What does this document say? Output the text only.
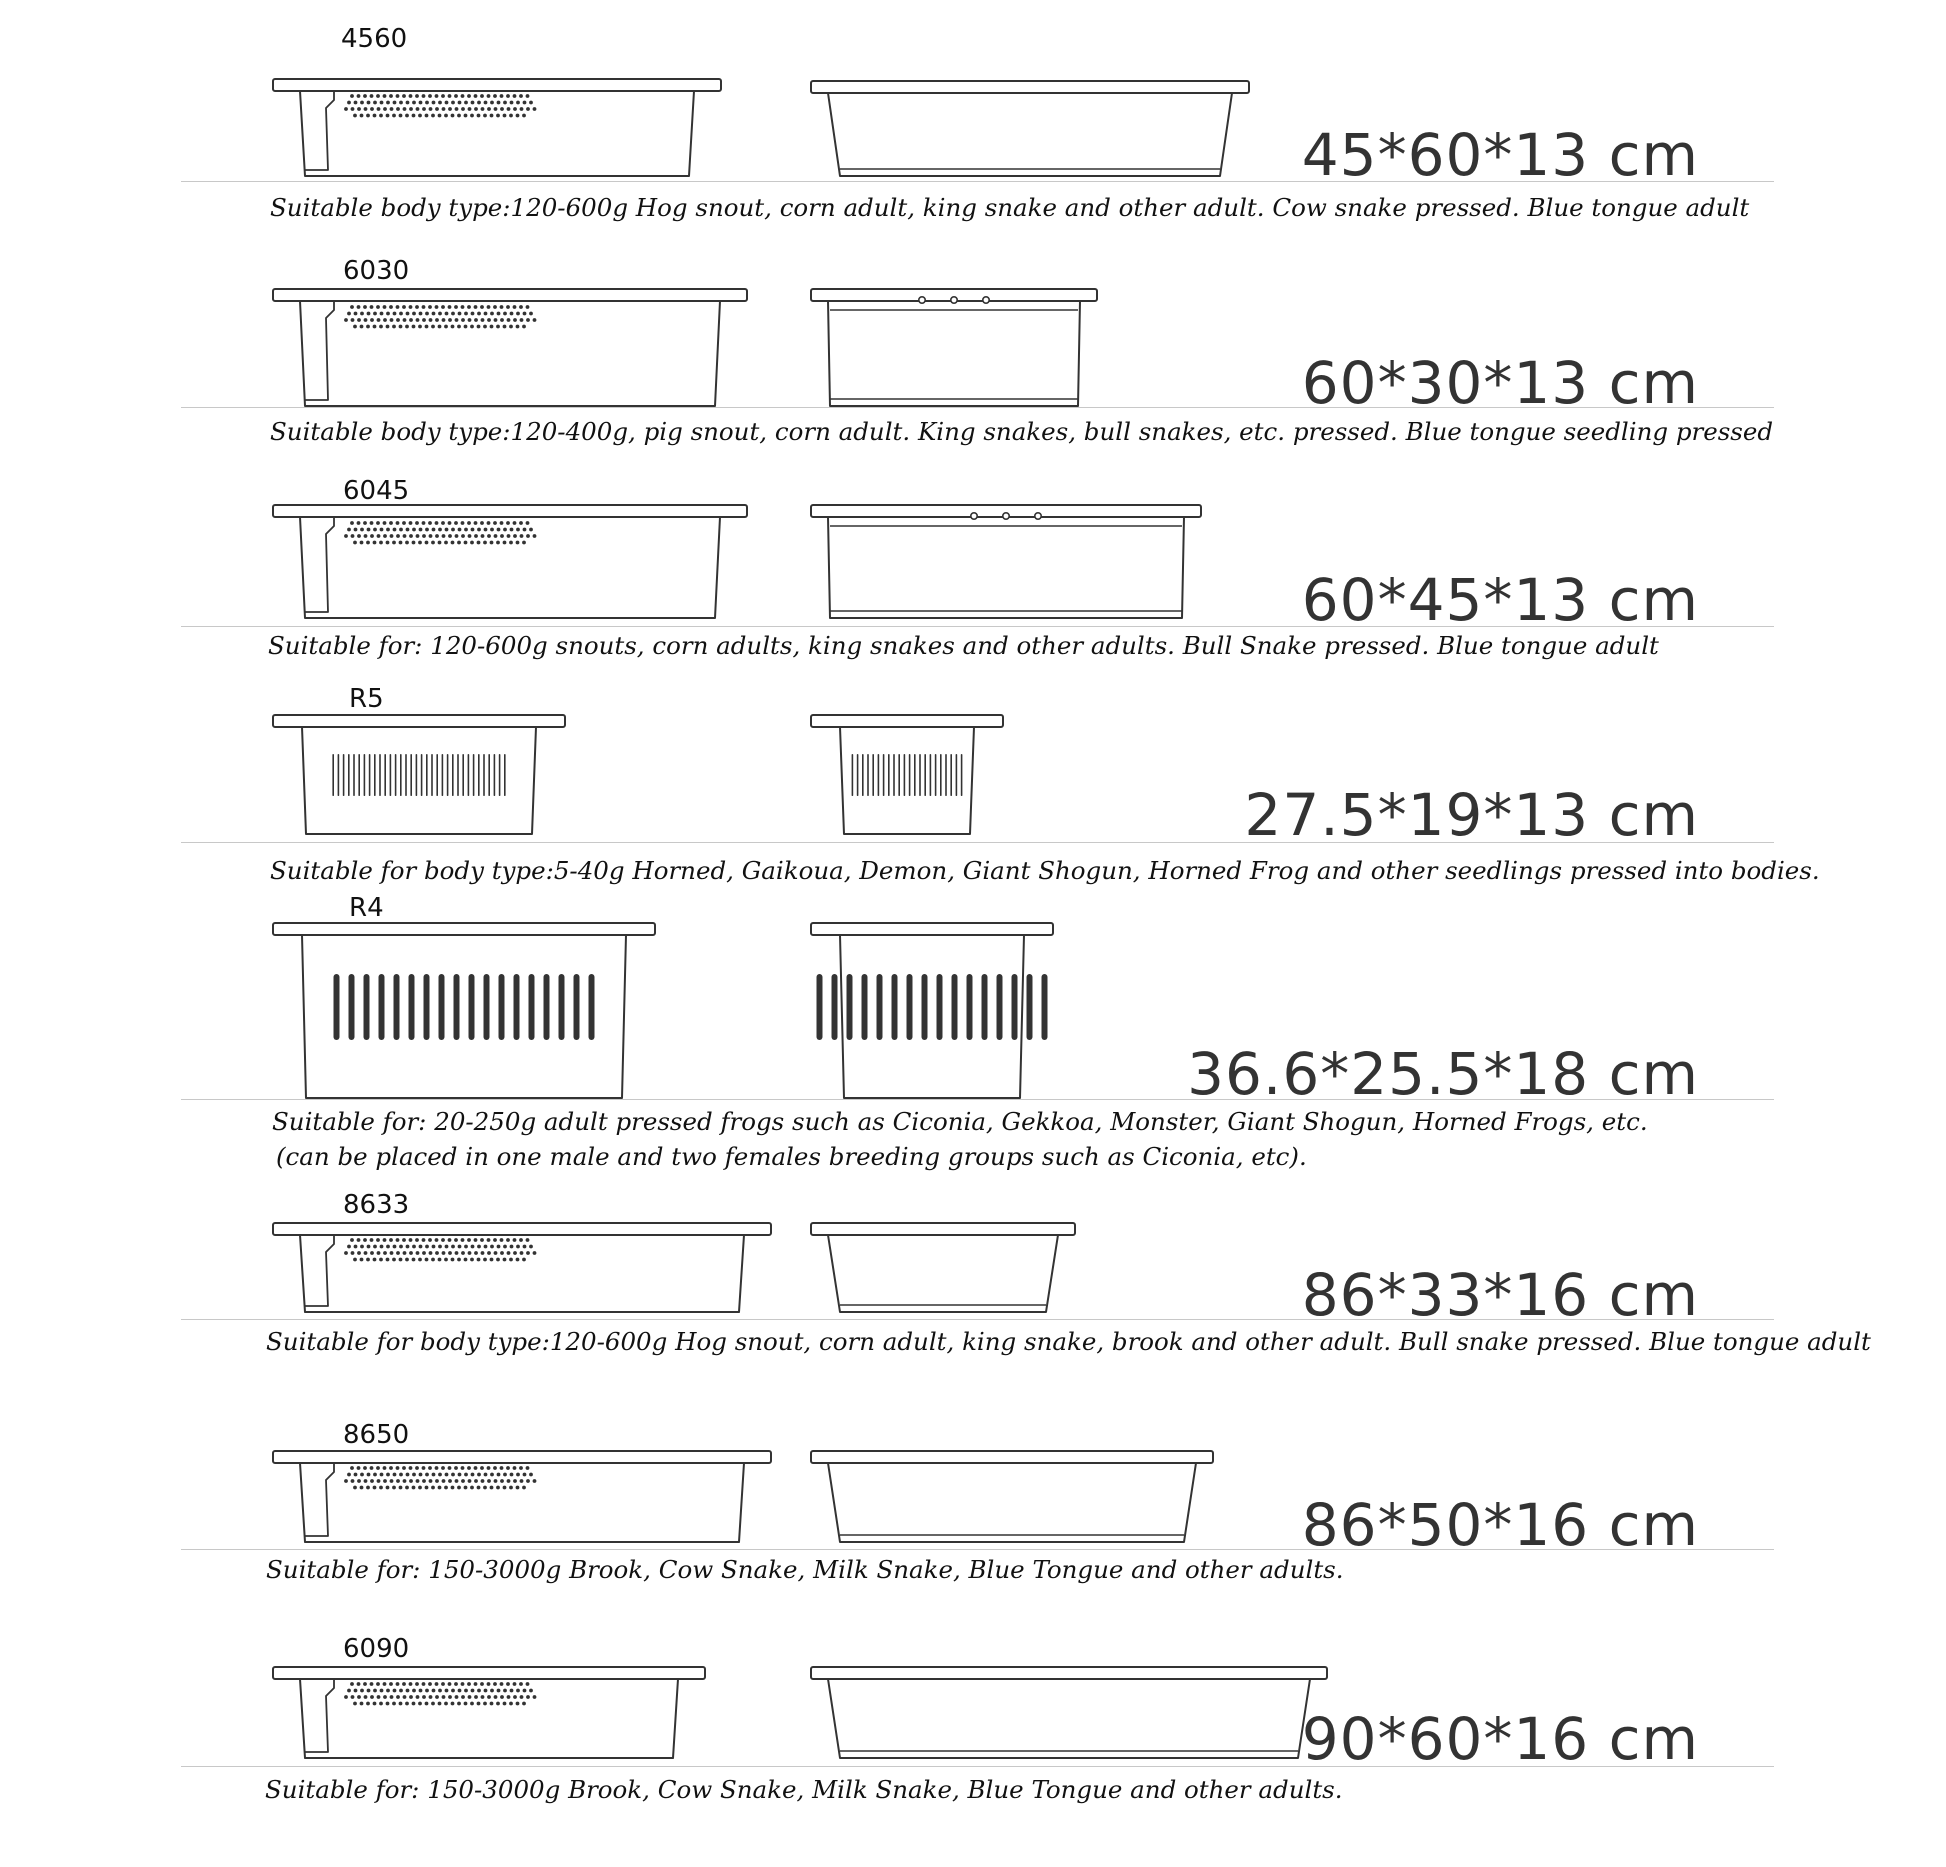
4560
45*60*13 cm
Suitable body type:120-600g Hog snout, corn adult, king snake and other adult. Cow snake pressed. Blue tongue adult
6030
60*30*13 cm
Suitable body type:120-400g, pig snout, corn adult. King snakes, bull snakes, etc. pressed. Blue tongue seedling pressed
6045
60*45*13 cm
Suitable for: 120-600g snouts, corn adults, king snakes and other adults. Bull Snake pressed. Blue tongue adult
R5
27.5*19*13 cm
Suitable for body type:5-40g Horned, Gaikoua, Demon, Giant Shogun, Horned Frog and other seedlings pressed into bodies.
R4
36.6*25.5*18 cm
Suitable for: 20-250g adult pressed frogs such as Ciconia, Gekkoa, Monster, Giant Shogun, Horned Frogs, etc.
(can be placed in one male and two females breeding groups such as Ciconia, etc).
8633
86*33*16 cm
Suitable for body type:120-600g Hog snout, corn adult, king snake, brook and other adult. Bull snake pressed. Blue tongue adult
8650
86*50*16 cm
Suitable for: 150-3000g Brook, Cow Snake, Milk Snake, Blue Tongue and other adults.
6090
90*60*16 cm
Suitable for: 150-3000g Brook, Cow Snake, Milk Snake, Blue Tongue and other adults.
